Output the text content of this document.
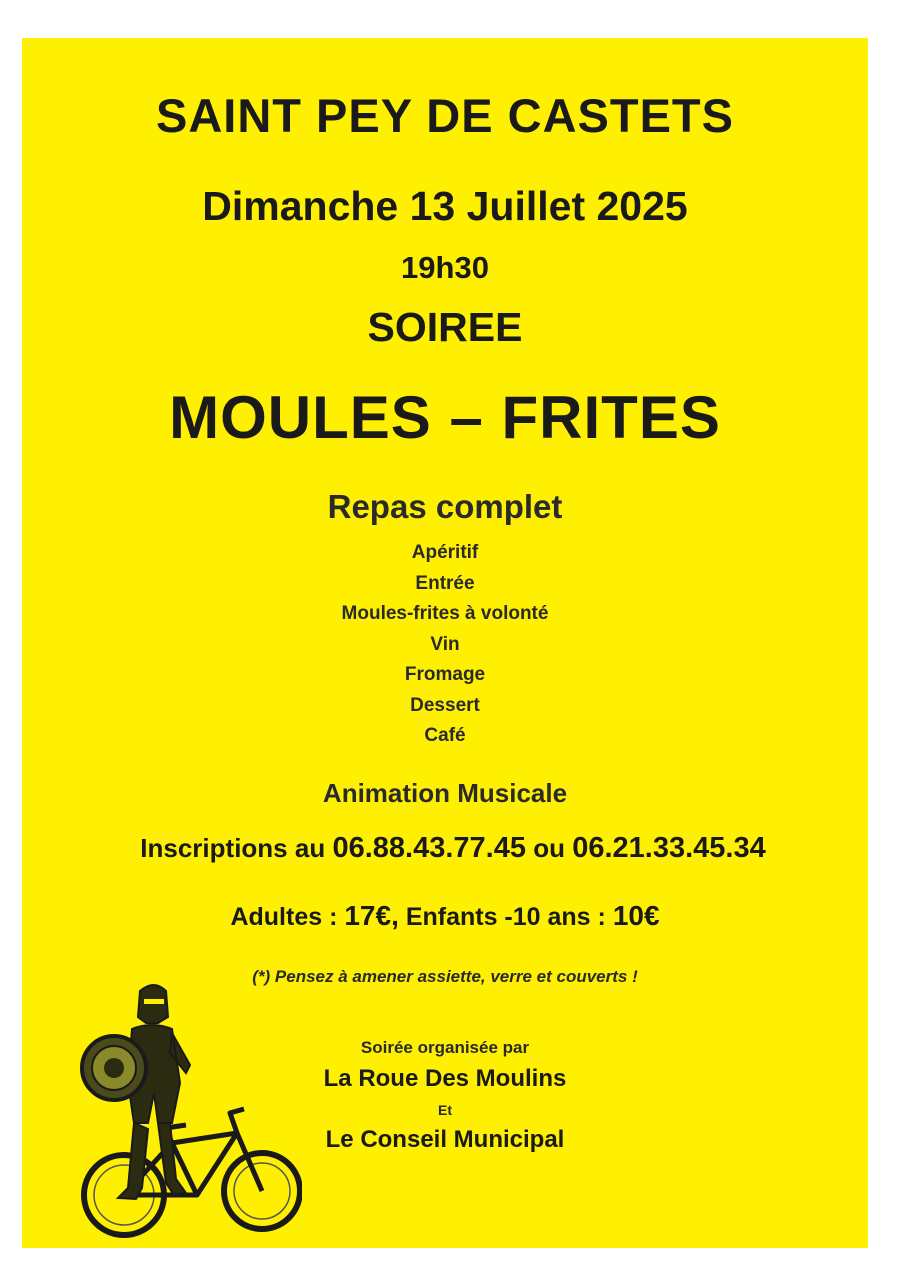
SAINT PEY DE CASTETS
Dimanche 13 Juillet 2025
19h30
SOIREE
MOULES – FRITES
Repas complet
Apéritif
Entrée
Moules-frites à volonté
Vin
Fromage
Dessert
Café
Animation Musicale
Inscriptions au 06.88.43.77.45 ou 06.21.33.45.34
Adultes : 17€, Enfants -10 ans : 10€
(*) Pensez à amener assiette, verre et couverts !
Soirée organisée par
La Roue Des Moulins
Et
Le Conseil Municipal
